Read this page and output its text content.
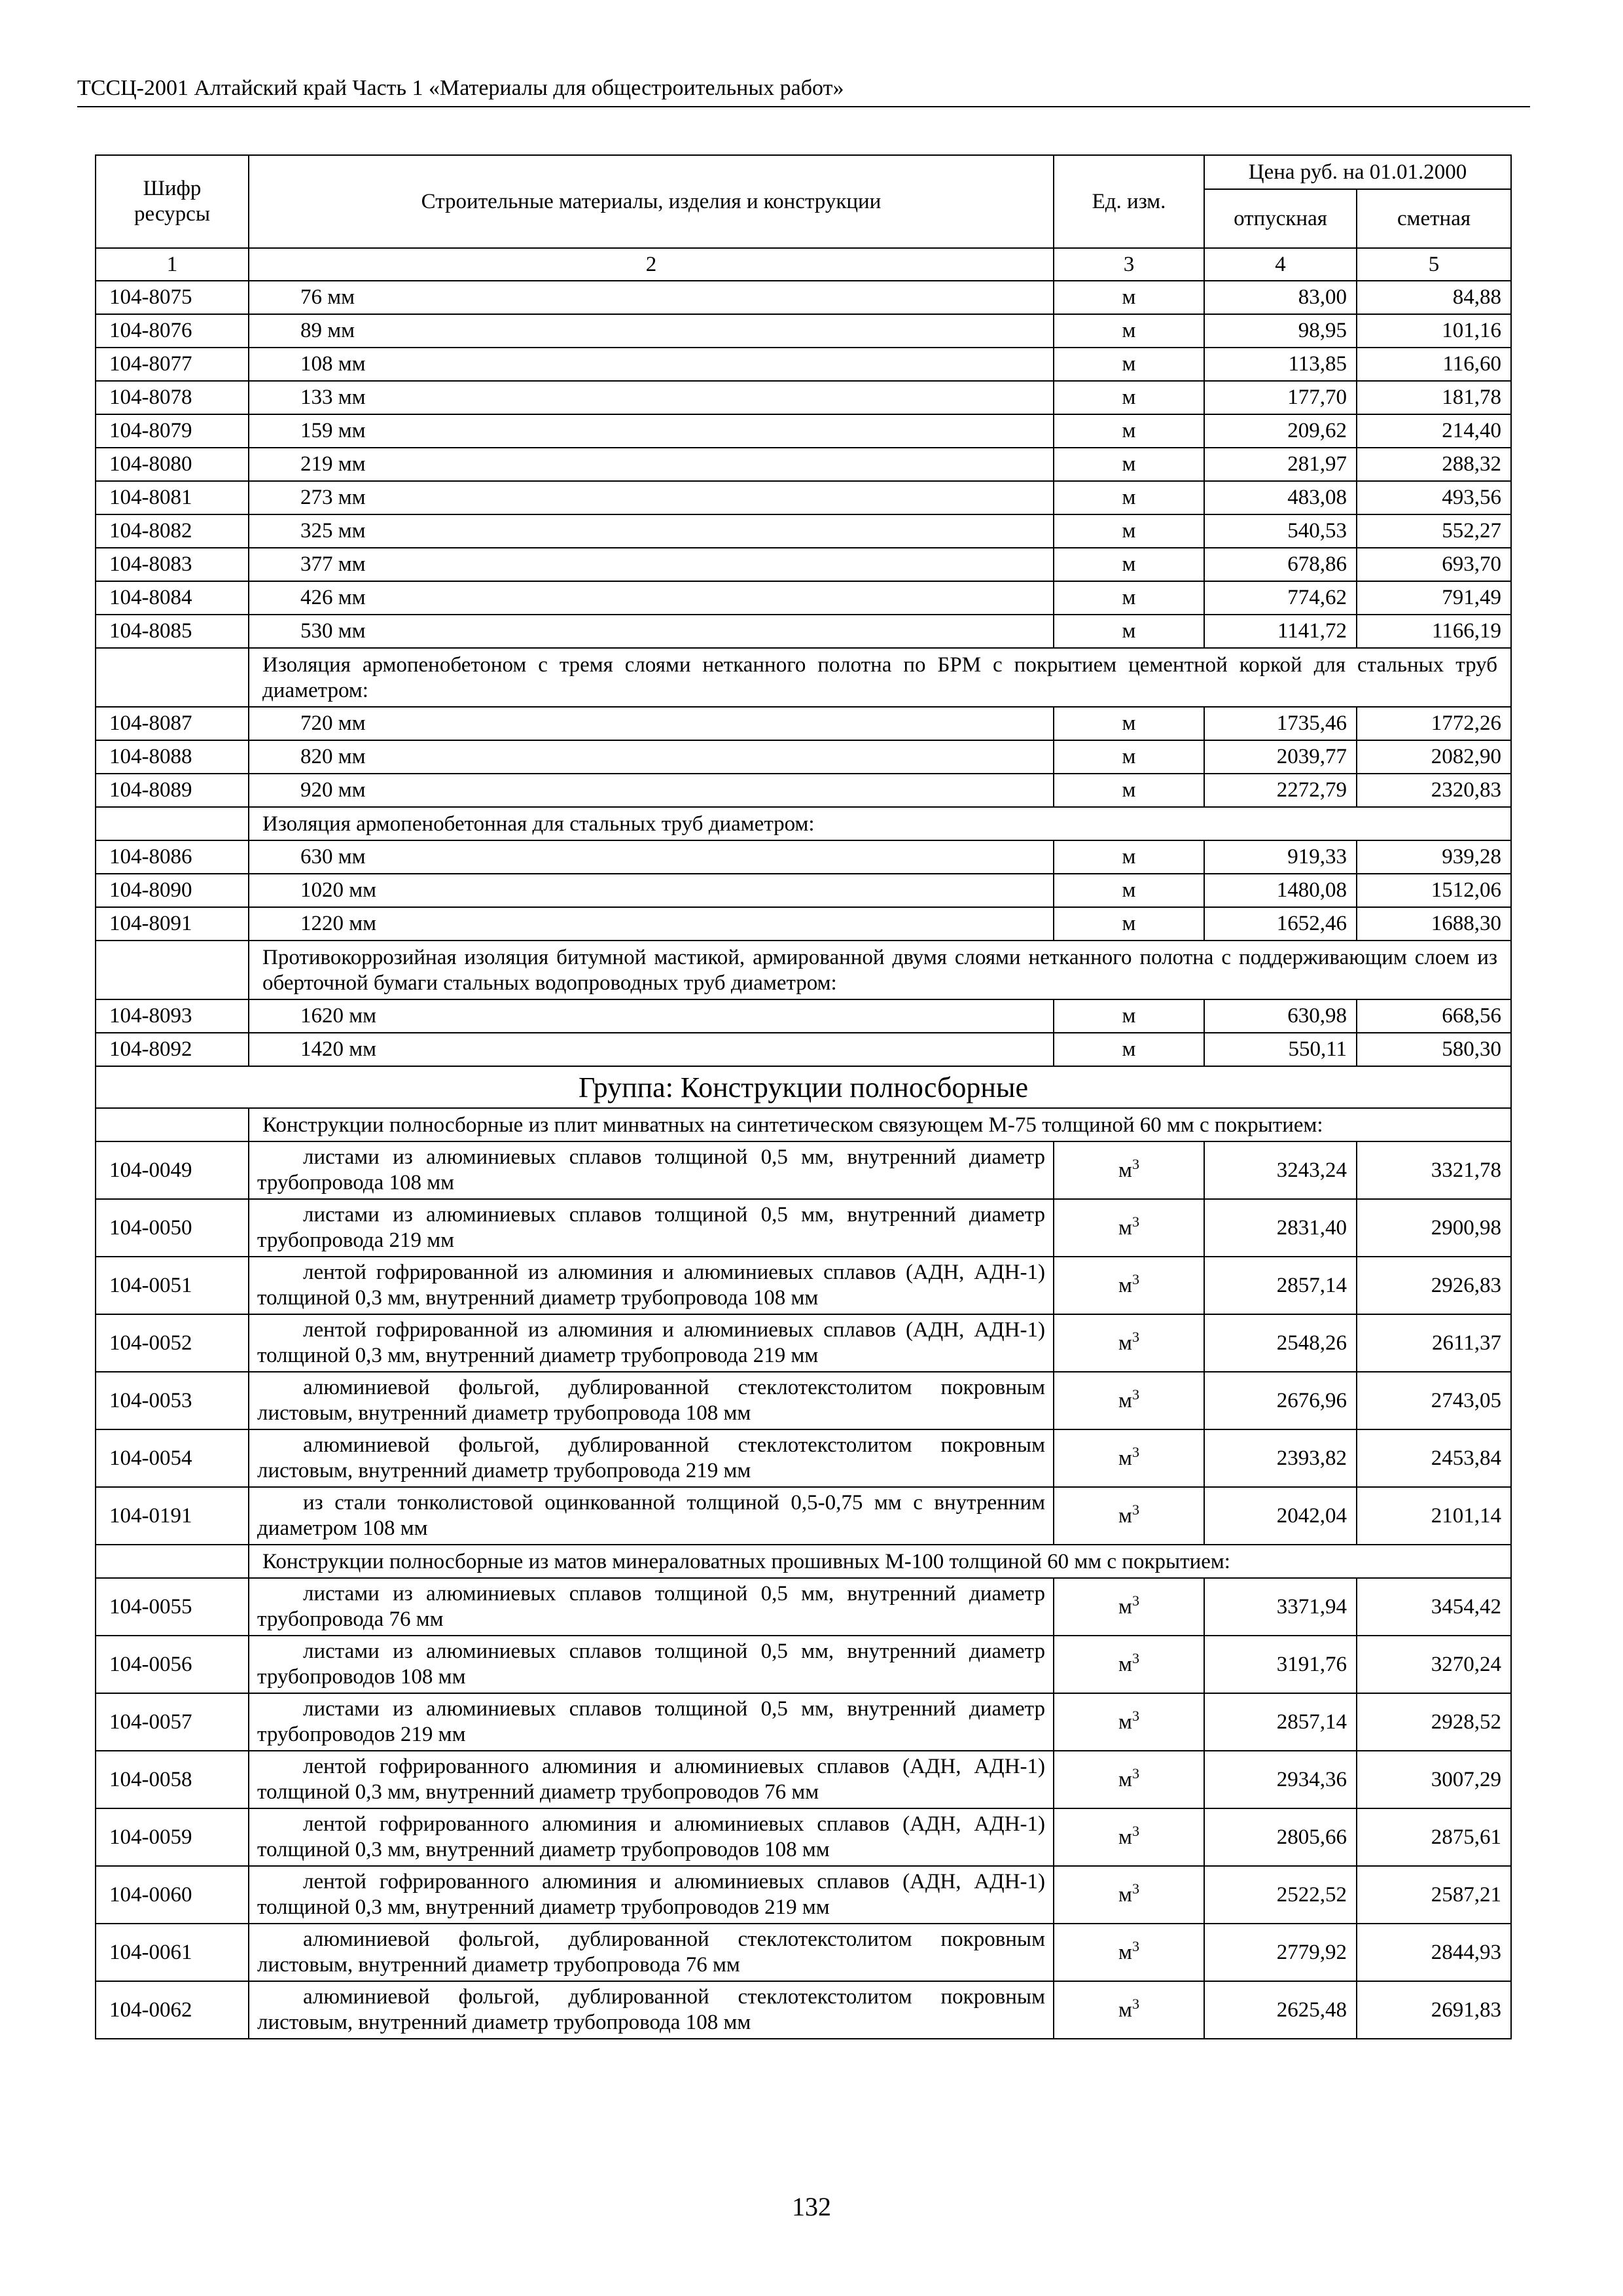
ТССЦ-2001 Алтайский край Часть 1 «Материалы для общестроительных работ»
Шифр ресурсы	Строительные материалы, изделия и конструкции	Ед. изм.	Цена руб. на 01.01.2000	
			отпускная	сметная
1	2	3	4	5
104-8075	76 мм	м	83,00	84,88
104-8076	89 мм	м	98,95	101,16
104-8077	108 мм	м	113,85	116,60
104-8078	133 мм	м	177,70	181,78
104-8079	159 мм	м	209,62	214,40
104-8080	219 мм	м	281,97	288,32
104-8081	273 мм	м	483,08	493,56
104-8082	325 мм	м	540,53	552,27
104-8083	377 мм	м	678,86	693,70
104-8084	426 мм	м	774,62	791,49
104-8085	530 мм	м	1141,72	1166,19
	Изоляция армопенобетоном с тремя слоями нетканного полотна по БРМ с покрытием цементной коркой для стальных труб диаметром:			
104-8087	720 мм	м	1735,46	1772,26
104-8088	820 мм	м	2039,77	2082,90
104-8089	920 мм	м	2272,79	2320,83
	Изоляция армопенобетонная для стальных труб диаметром:			
104-8086	630 мм	м	919,33	939,28
104-8090	1020 мм	м	1480,08	1512,06
104-8091	1220 мм	м	1652,46	1688,30
	Противокоррозийная изоляция битумной мастикой, армированной двумя слоями нетканного полотна с поддерживающим слоем из оберточной бумаги стальных водопроводных труб диаметром:			
104-8093	1620 мм	м	630,98	668,56
104-8092	1420 мм	м	550,11	580,30
Группа: Конструкции полносборные				
	Конструкции полносборные из плит минватных на синтетическом связующем М-75 толщиной 60 мм с покрытием:			
104-0049	листами из алюминиевых сплавов толщиной 0,5 мм, внутренний диаметр трубопровода 108 мм	$м^3$	3243,24	3321,78
104-0050	листами из алюминиевых сплавов толщиной 0,5 мм, внутренний диаметр трубопровода 219 мм	$м^3$	2831,40	2900,98
104-0051	лентой гофрированной из алюминия и алюминиевых сплавов (АДН, АДН-1) толщиной 0,3 мм, внутренний диаметр трубопровода 108 мм	$м^3$	2857,14	2926,83
104-0052	лентой гофрированной из алюминия и алюминиевых сплавов (АДН, АДН-1) толщиной 0,3 мм, внутренний диаметр трубопровода 219 мм	$м^3$	2548,26	2611,37
104-0053	алюминиевой фольгой, дублированной стеклотекстолитом покровным листовым, внутренний диаметр трубопровода 108 мм	$м^3$	2676,96	2743,05
104-0054	алюминиевой фольгой, дублированной стеклотекстолитом покровным листовым, внутренний диаметр трубопровода 219 мм	$м^3$	2393,82	2453,84
104-0191	из стали тонколистовой оцинкованной толщиной 0,5-0,75 мм с внутренним диаметром 108 мм	$м^3$	2042,04	2101,14
	Конструкции полносборные из матов минераловатных прошивных М-100 толщиной 60 мм с покрытием:			
104-0055	листами из алюминиевых сплавов толщиной 0,5 мм, внутренний диаметр трубопровода 76 мм	$м^3$	3371,94	3454,42
104-0056	листами из алюминиевых сплавов толщиной 0,5 мм, внутренний диаметр трубопроводов 108 мм	$м^3$	3191,76	3270,24
104-0057	листами из алюминиевых сплавов толщиной 0,5 мм, внутренний диаметр трубопроводов 219 мм	$м^3$	2857,14	2928,52
104-0058	лентой гофрированного алюминия и алюминиевых сплавов (АДН, АДН-1) толщиной 0,3 мм, внутренний диаметр трубопроводов 76 мм	$м^3$	2934,36	3007,29
104-0059	лентой гофрированного алюминия и алюминиевых сплавов (АДН, АДН-1) толщиной 0,3 мм, внутренний диаметр трубопроводов 108 мм	$м^3$	2805,66	2875,61
104-0060	лентой гофрированного алюминия и алюминиевых сплавов (АДН, АДН-1) толщиной 0,3 мм, внутренний диаметр трубопроводов 219 мм	$м^3$	2522,52	2587,21
104-0061	алюминиевой фольгой, дублированной стеклотекстолитом покровным листовым, внутренний диаметр трубопровода 76 мм	$м^3$	2779,92	2844,93
104-0062	алюминиевой фольгой, дублированной стеклотекстолитом покровным листовым, внутренний диаметр трубопровода 108 мм	$м^3$	2625,48	2691,83
132
